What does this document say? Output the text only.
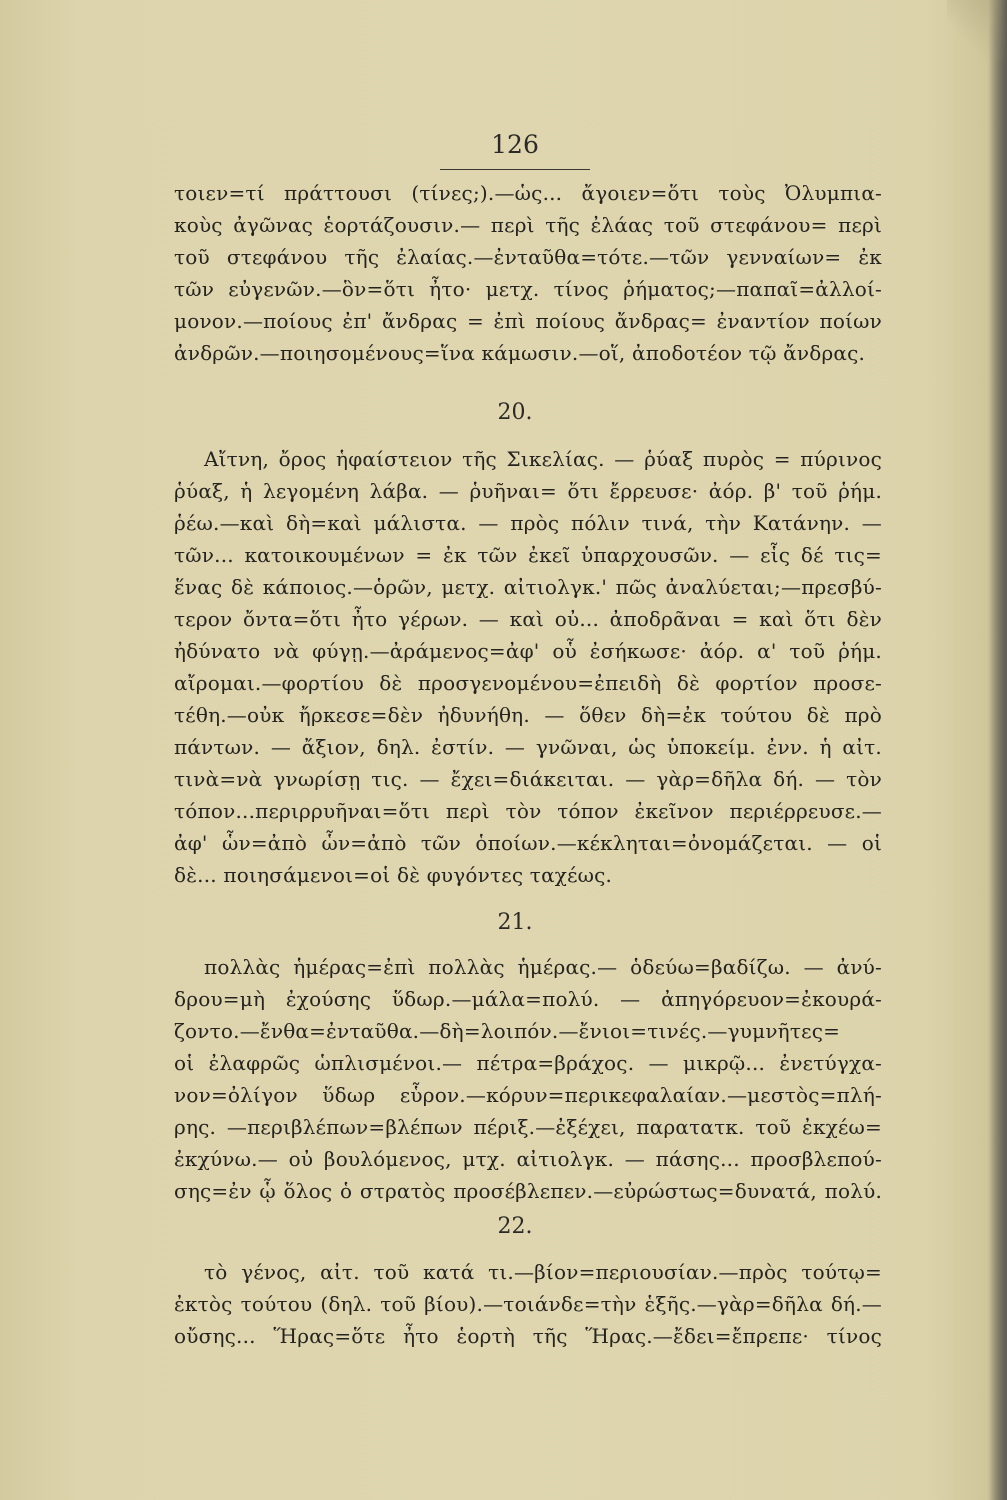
126
τοιεν=τί πράττουσι (τίνες;).—ὡς... ἄγοιεν=ὅτι τοὺς Ὀλυμπια-
κοὺς ἀγῶνας ἑορτάζουσιν.— περὶ τῆς ἐλάας τοῦ στεφάνου= περὶ
τοῦ στεφάνου τῆς ἐλαίας.—ἐνταῦθα=τότε.—τῶν γενναίων= ἐκ
τῶν εὐγενῶν.—ὃν=ὅτι ἦτο· μετχ. τίνος ῥήματος;—παπαῖ=ἀλλοί-
μονον.—ποίους ἐπ' ἄνδρας = ἐπὶ ποίους ἄνδρας= ἐναντίον ποίων
ἀνδρῶν.—ποιησομένους=ἵνα κάμωσιν.—οἵ, ἀποδοτέον τῷ ἄνδρας.
20.
Αἴτνη, ὄρος ἡφαίστειον τῆς Σικελίας. — ῥύαξ πυρὸς = πύρινος
ῥύαξ, ἡ λεγομένη λάβα. — ῥυῆναι= ὅτι ἔρρευσε· ἀόρ. β' τοῦ ῥήμ.
ῥέω.—καὶ δὴ=καὶ μάλιστα. — πρὸς πόλιν τινά, τὴν Κατάνην. —
τῶν... κατοικουμένων = ἐκ τῶν ἐκεῖ ὑπαρχουσῶν. — εἷς δέ τις=
ἕνας δὲ κάποιος.—ὁρῶν, μετχ. αἰτιολγκ.' πῶς ἀναλύεται;—πρεσβύ-
τερον ὄντα=ὅτι ἦτο γέρων. — καὶ οὐ... ἀποδρᾶναι = καὶ ὅτι δὲν
ἠδύνατο νὰ φύγῃ.—ἀράμενος=ἀφ' οὗ ἐσήκωσε· ἀόρ. α' τοῦ ῥήμ.
αἴρομαι.—φορτίου δὲ προσγενομένου=ἐπειδὴ δὲ φορτίον προσε-
τέθη.—οὐκ ἤρκεσε=δὲν ἠδυνήθη. — ὅθεν δὴ=ἐκ τούτου δὲ πρὸ
πάντων. — ἄξιον, δηλ. ἐστίν. — γνῶναι, ὡς ὑποκείμ. ἐνν. ἡ αἰτ.
τινὰ=νὰ γνωρίσῃ τις. — ἔχει=διάκειται. — γὰρ=δῆλα δή. — τὸν
τόπον...περιρρυῆναι=ὅτι περὶ τὸν τόπον ἐκεῖνον περιέρρευσε.—
ἀφ' ὧν=ἀπὸ ὧν=ἀπὸ τῶν ὁποίων.—κέκληται=ὀνομάζεται. — οἱ
δὲ... ποιησάμενοι=οἱ δὲ φυγόντες ταχέως.
21.
πολλὰς ἡμέρας=ἐπὶ πολλὰς ἡμέρας.— ὁδεύω=βαδίζω. — ἀνύ-
δρου=μὴ ἐχούσης ὕδωρ.—μάλα=πολύ. — ἀπηγόρευον=ἐκουρά-
ζοντο.—ἔνθα=ἐνταῦθα.—δὴ=λοιπόν.—ἔνιοι=τινές.—γυμνῆτες=
οἱ ἐλαφρῶς ὡπλισμένοι.— πέτρα=βράχος. — μικρῷ... ἐνετύγχα-
νον=ὀλίγον ὕδωρ εὗρον.—κόρυν=περικεφαλαίαν.—μεστὸς=πλή-
ρης. —περιβλέπων=βλέπων πέριξ.—ἐξέχει, παρατατκ. τοῦ ἐκχέω=
ἐκχύνω.— οὐ βουλόμενος, μτχ. αἰτιολγκ. — πάσης... προσβλεπού-
σης=ἐν ᾧ ὅλος ὁ στρατὸς προσέβλεπεν.—εὐρώστως=δυνατά, πολύ.
22.
τὸ γένος, αἰτ. τοῦ κατά τι.—βίον=περιουσίαν.—πρὸς τούτῳ=
ἐκτὸς τούτου (δηλ. τοῦ βίου).—τοιάνδε=τὴν ἑξῆς.—γὰρ=δῆλα δή.—
οὔσης... Ἥρας=ὅτε ἦτο ἑορτὴ τῆς Ἥρας.—ἔδει=ἔπρεπε· τίνος
